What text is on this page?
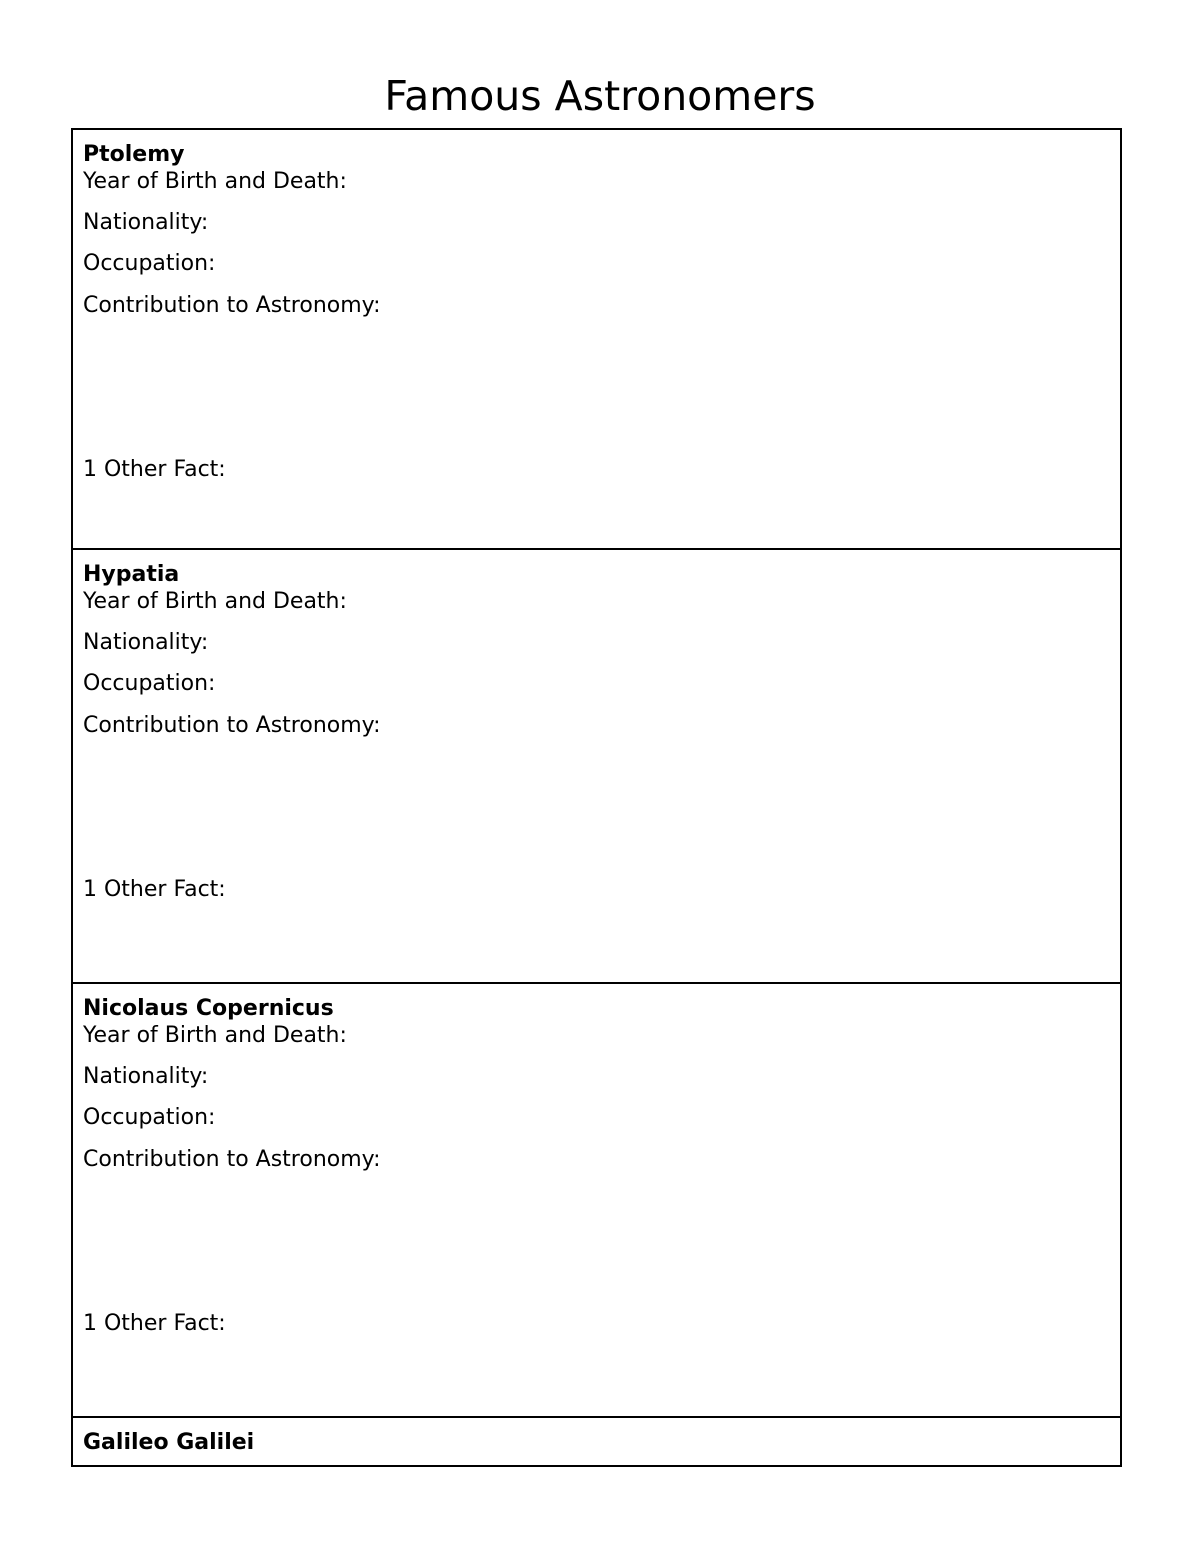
Famous Astronomers
Ptolemy
Year of Birth and Death:
Nationality:
Occupation:
Contribution to Astronomy:
1 Other Fact:
Hypatia
Year of Birth and Death:
Nationality:
Occupation:
Contribution to Astronomy:
1 Other Fact:
Nicolaus Copernicus
Year of Birth and Death:
Nationality:
Occupation:
Contribution to Astronomy:
1 Other Fact:
Galileo Galilei
